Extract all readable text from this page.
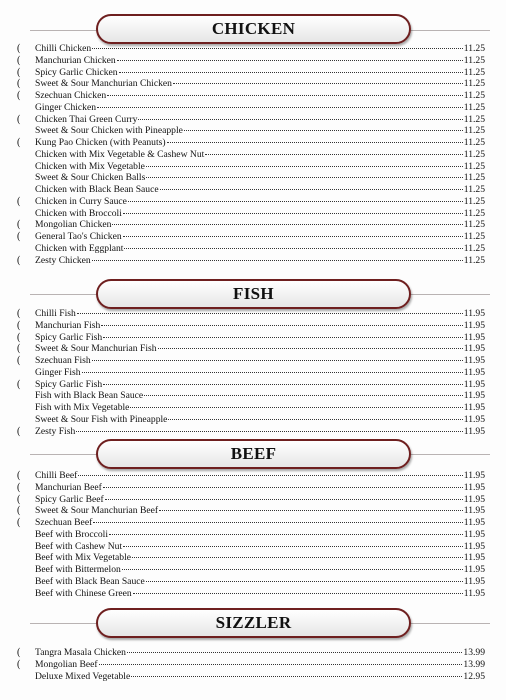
CHICKEN
( Chilli Chicken	11.25
( Manchurian Chicken	11.25
( Spicy Garlic Chicken	11.25
( Sweet & Sour Manchurian Chicken	11.25
( Szechuan Chicken	11.25
Ginger Chicken	11.25
( Chicken Thai Green Curry	11.25
Sweet & Sour Chicken with Pineapple	11.25
( Kung Pao Chicken (with Peanuts)	11.25
Chicken with Mix Vegetable & Cashew Nut	11.25
Chicken with Mix Vegetable	11.25
Sweet & Sour Chicken Balls	11.25
Chicken with Black Bean Sauce	11.25
( Chicken in Curry Sauce	11.25
Chicken with Broccoli	11.25
( Mongolian Chicken	11.25
( General Tao's Chicken	11.25
Chicken with Eggplant	11.25
( Zesty Chicken	11.25
FISH
( Chilli Fish	11.95
( Manchurian Fish	11.95
( Spicy Garlic Fish	11.95
( Sweet & Sour Manchurian Fish	11.95
( Szechuan Fish	11.95
Ginger Fish	11.95
( Spicy Garlic Fish	11.95
Fish with Black Bean Sauce	11.95
Fish with Mix Vegetable	11.95
Sweet & Sour Fish with Pineapple	11.95
( Zesty Fish	11.95
BEEF
( Chilli Beef	11.95
( Manchurian Beef	11.95
( Spicy Garlic Beef	11.95
( Sweet & Sour Manchurian Beef	11.95
( Szechuan Beef	11.95
Beef with Broccoli	11.95
Beef with Cashew Nut	11.95
Beef with Mix Vegetable	11.95
Beef with Bittermelon	11.95
Beef with Black Bean Sauce	11.95
Beef with Chinese Green	11.95
SIZZLER
( Tangra Masala Chicken	13.99
( Mongolian Beef	13.99
Deluxe Mixed Vegetable	12.95
